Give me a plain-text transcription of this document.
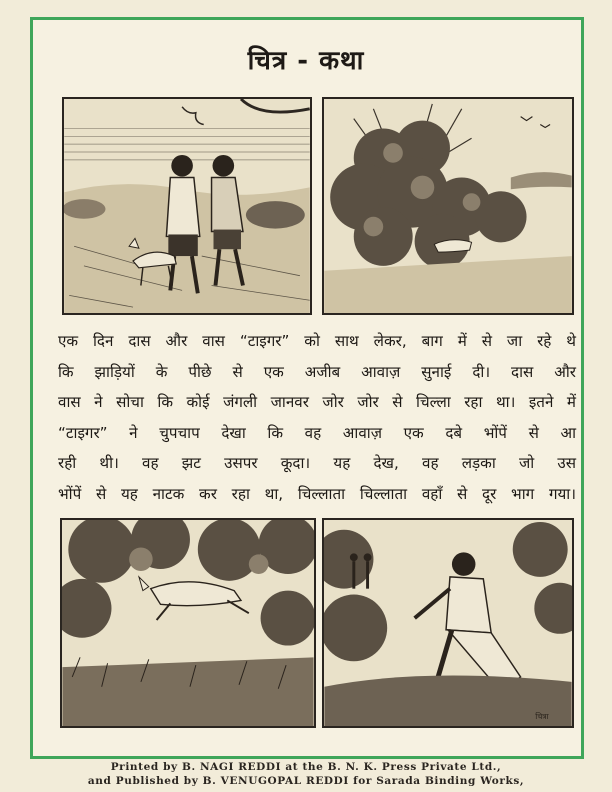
चित्र - कथा
एक दिन दास और वास “टाइगर” को साथ लेकर, बाग में से जा रहे थे
कि झाड़ियों के पीछे से एक अजीब आवाज़ सुनाई दी। दास और
वास ने सोचा कि कोई जंगली जानवर जोर जोर से चिल्ला रहा था। इतने में
“टाइगर” ने चुपचाप देखा कि वह आवाज़ एक दबे भोंपें से आ
रही थी। वह झट उसपर कूदा। यह देख, वह लड़का जो उस
भोंपें से यह नाटक कर रहा था, चिल्लाता चिल्लाता वहाँ से दूर भाग गया।
चित्रा
Printed by B. NAGI REDDI at the B. N. K. Press Private Ltd.,
and Published by B. VENUGOPAL REDDI for Sarada Binding Works,
